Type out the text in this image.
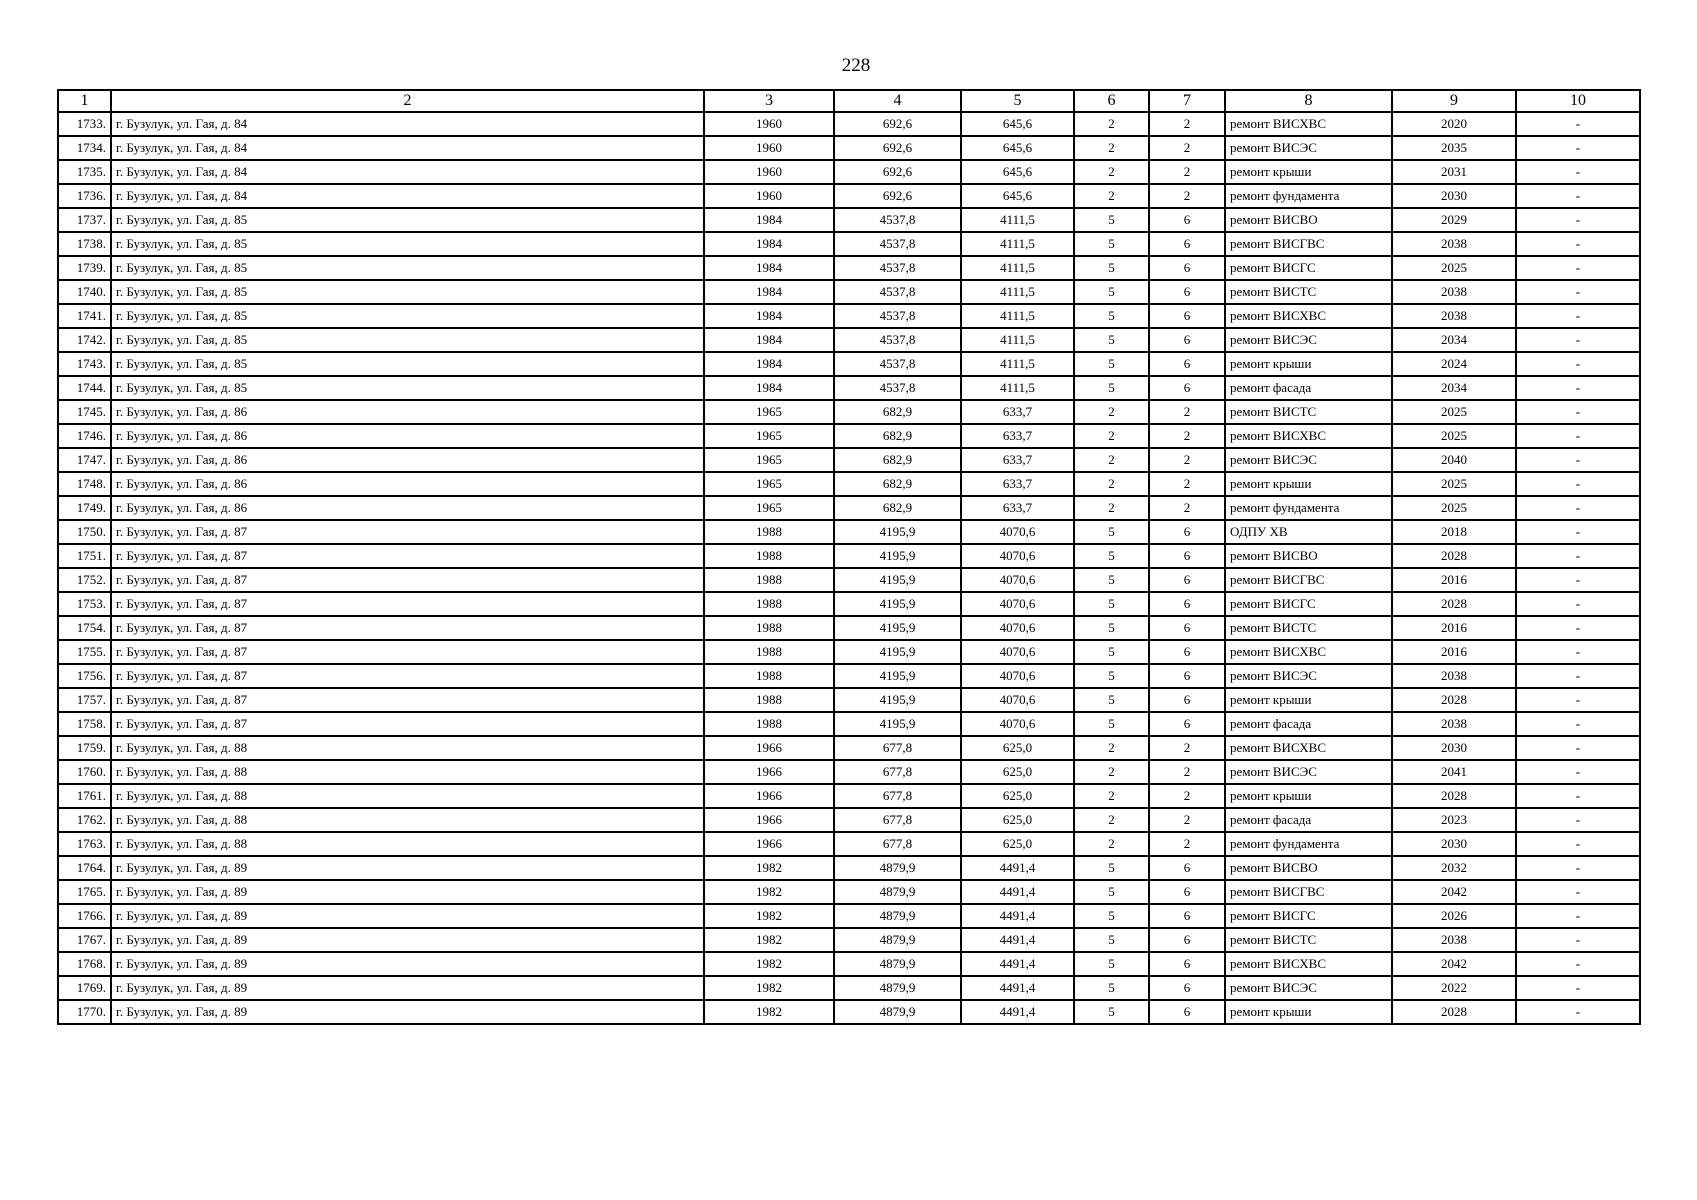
228
1	2	3	4	5	6	7	8	9	10
1733.	г. Бузулук, ул. Гая, д. 84	1960	692,6	645,6	2	2	ремонт ВИСХВС	2020	-
1734.	г. Бузулук, ул. Гая, д. 84	1960	692,6	645,6	2	2	ремонт ВИСЭС	2035	-
1735.	г. Бузулук, ул. Гая, д. 84	1960	692,6	645,6	2	2	ремонт крыши	2031	-
1736.	г. Бузулук, ул. Гая, д. 84	1960	692,6	645,6	2	2	ремонт фундамента	2030	-
1737.	г. Бузулук, ул. Гая, д. 85	1984	4537,8	4111,5	5	6	ремонт ВИСВО	2029	-
1738.	г. Бузулук, ул. Гая, д. 85	1984	4537,8	4111,5	5	6	ремонт ВИСГВС	2038	-
1739.	г. Бузулук, ул. Гая, д. 85	1984	4537,8	4111,5	5	6	ремонт ВИСГС	2025	-
1740.	г. Бузулук, ул. Гая, д. 85	1984	4537,8	4111,5	5	6	ремонт ВИСТС	2038	-
1741.	г. Бузулук, ул. Гая, д. 85	1984	4537,8	4111,5	5	6	ремонт ВИСХВС	2038	-
1742.	г. Бузулук, ул. Гая, д. 85	1984	4537,8	4111,5	5	6	ремонт ВИСЭС	2034	-
1743.	г. Бузулук, ул. Гая, д. 85	1984	4537,8	4111,5	5	6	ремонт крыши	2024	-
1744.	г. Бузулук, ул. Гая, д. 85	1984	4537,8	4111,5	5	6	ремонт фасада	2034	-
1745.	г. Бузулук, ул. Гая, д. 86	1965	682,9	633,7	2	2	ремонт ВИСТС	2025	-
1746.	г. Бузулук, ул. Гая, д. 86	1965	682,9	633,7	2	2	ремонт ВИСХВС	2025	-
1747.	г. Бузулук, ул. Гая, д. 86	1965	682,9	633,7	2	2	ремонт ВИСЭС	2040	-
1748.	г. Бузулук, ул. Гая, д. 86	1965	682,9	633,7	2	2	ремонт крыши	2025	-
1749.	г. Бузулук, ул. Гая, д. 86	1965	682,9	633,7	2	2	ремонт фундамента	2025	-
1750.	г. Бузулук, ул. Гая, д. 87	1988	4195,9	4070,6	5	6	ОДПУ ХВ	2018	-
1751.	г. Бузулук, ул. Гая, д. 87	1988	4195,9	4070,6	5	6	ремонт ВИСВО	2028	-
1752.	г. Бузулук, ул. Гая, д. 87	1988	4195,9	4070,6	5	6	ремонт ВИСГВС	2016	-
1753.	г. Бузулук, ул. Гая, д. 87	1988	4195,9	4070,6	5	6	ремонт ВИСГС	2028	-
1754.	г. Бузулук, ул. Гая, д. 87	1988	4195,9	4070,6	5	6	ремонт ВИСТС	2016	-
1755.	г. Бузулук, ул. Гая, д. 87	1988	4195,9	4070,6	5	6	ремонт ВИСХВС	2016	-
1756.	г. Бузулук, ул. Гая, д. 87	1988	4195,9	4070,6	5	6	ремонт ВИСЭС	2038	-
1757.	г. Бузулук, ул. Гая, д. 87	1988	4195,9	4070,6	5	6	ремонт крыши	2028	-
1758.	г. Бузулук, ул. Гая, д. 87	1988	4195,9	4070,6	5	6	ремонт фасада	2038	-
1759.	г. Бузулук, ул. Гая, д. 88	1966	677,8	625,0	2	2	ремонт ВИСХВС	2030	-
1760.	г. Бузулук, ул. Гая, д. 88	1966	677,8	625,0	2	2	ремонт ВИСЭС	2041	-
1761.	г. Бузулук, ул. Гая, д. 88	1966	677,8	625,0	2	2	ремонт крыши	2028	-
1762.	г. Бузулук, ул. Гая, д. 88	1966	677,8	625,0	2	2	ремонт фасада	2023	-
1763.	г. Бузулук, ул. Гая, д. 88	1966	677,8	625,0	2	2	ремонт фундамента	2030	-
1764.	г. Бузулук, ул. Гая, д. 89	1982	4879,9	4491,4	5	6	ремонт ВИСВО	2032	-
1765.	г. Бузулук, ул. Гая, д. 89	1982	4879,9	4491,4	5	6	ремонт ВИСГВС	2042	-
1766.	г. Бузулук, ул. Гая, д. 89	1982	4879,9	4491,4	5	6	ремонт ВИСГС	2026	-
1767.	г. Бузулук, ул. Гая, д. 89	1982	4879,9	4491,4	5	6	ремонт ВИСТС	2038	-
1768.	г. Бузулук, ул. Гая, д. 89	1982	4879,9	4491,4	5	6	ремонт ВИСХВС	2042	-
1769.	г. Бузулук, ул. Гая, д. 89	1982	4879,9	4491,4	5	6	ремонт ВИСЭС	2022	-
1770.	г. Бузулук, ул. Гая, д. 89	1982	4879,9	4491,4	5	6	ремонт крыши	2028	-
